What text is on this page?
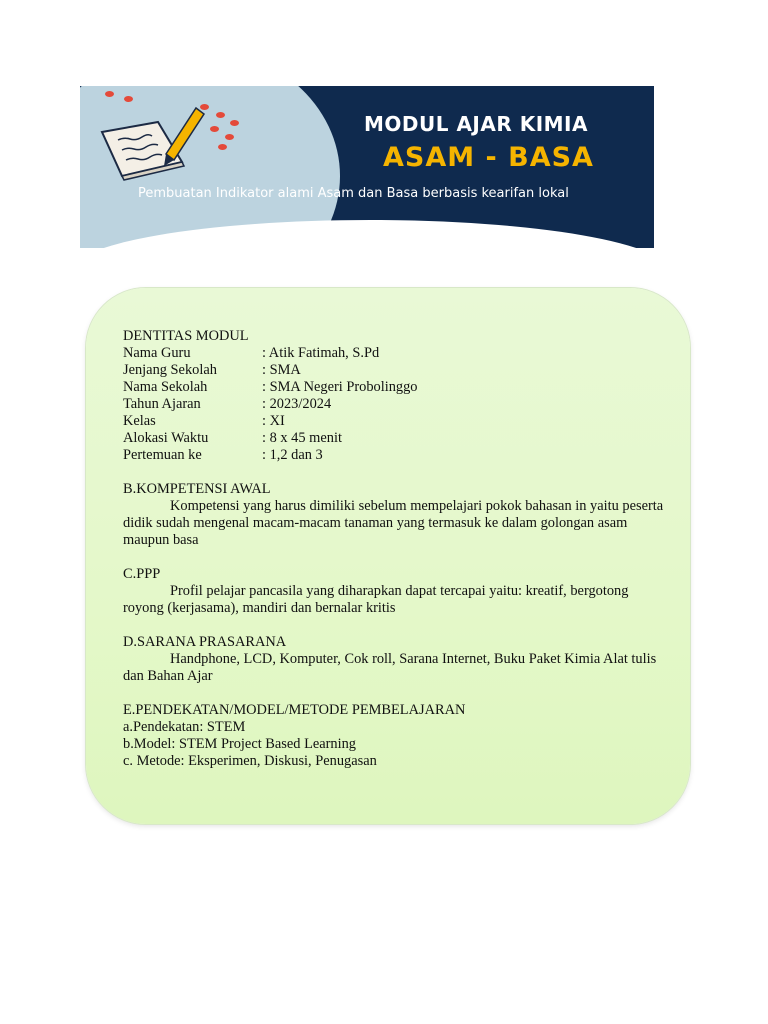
MODUL AJAR KIMIA
ASAM - BASA
Pembuatan Indikator alami Asam dan Basa berbasis kearifan lokal
DENTITAS MODUL
Nama Guru	: Atik Fatimah, S.Pd
Jenjang Sekolah	: SMA
Nama Sekolah	: SMA Negeri Probolinggo
Tahun Ajaran	: 2023/2024
Kelas	: XI
Alokasi Waktu	: 8 x 45 menit
Pertemuan ke	: 1,2 dan 3
B.KOMPETENSI AWAL
Kompetensi yang harus dimiliki sebelum mempelajari pokok bahasan in yaitu peserta didik sudah mengenal macam-macam tanaman yang termasuk ke dalam golongan asam maupun basa
C.PPP
Profil pelajar pancasila yang diharapkan dapat tercapai yaitu: kreatif, bergotong royong (kerjasama), mandiri dan bernalar kritis
D.SARANA PRASARANA
Handphone, LCD, Komputer, Cok roll, Sarana Internet, Buku Paket Kimia Alat tulis dan Bahan Ajar
E.PENDEKATAN/MODEL/METODE PEMBELAJARAN
a.Pendekatan: STEM
b.Model: STEM Project Based Learning
c. Metode: Eksperimen, Diskusi, Penugasan
